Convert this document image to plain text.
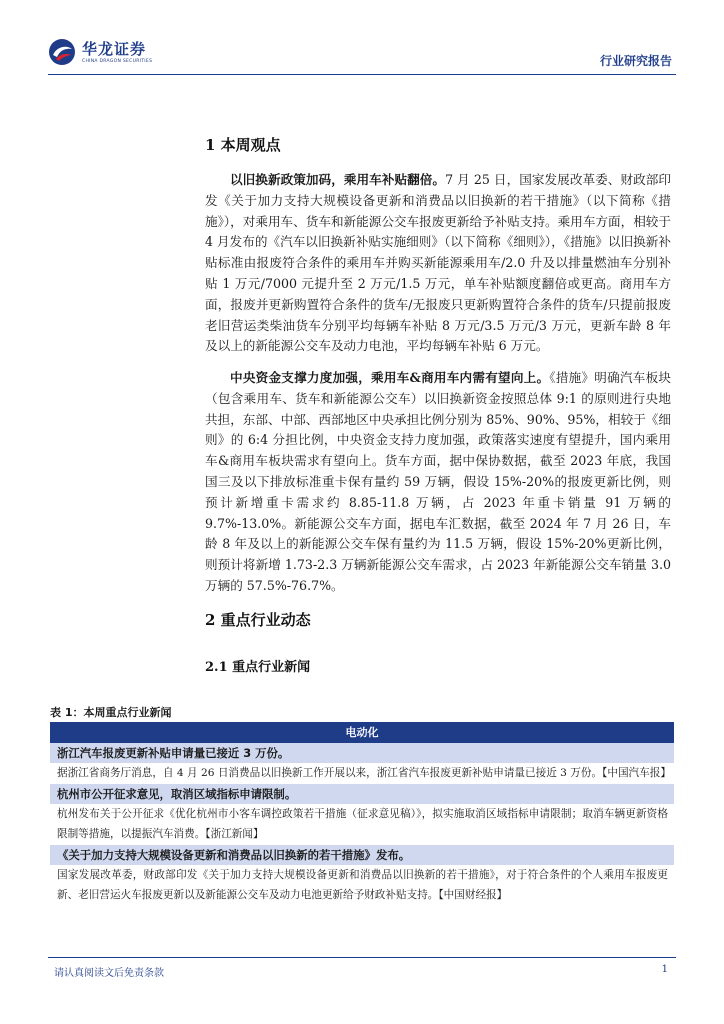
华龙证券
CHINA DRAGON SECURITIES	行业研究报告
1 本周观点

以旧换新政策加码，乘用车补贴翻倍。7 月 25 日，国家发展改革委、财政部印发《关于加力支持大规模设备更新和消费品以旧换新的若干措施》（以下简称《措施》），对乘用车、货车和新能源公交车报废更新给予补贴支持。乘用车方面，相较于 4 月发布的《汽车以旧换新补贴实施细则》（以下简称《细则》），《措施》以旧换新补贴标准由报废符合条件的乘用车并购买新能源乘用车/2.0 升及以排量燃油车分别补贴 1 万元/7000 元提升至 2 万元/1.5 万元，单车补贴额度翻倍或更高。商用车方面，报废并更新购置符合条件的货车/无报废只更新购置符合条件的货车/只提前报废老旧营运类柴油货车分别平均每辆车补贴 8 万元/3.5 万元/3 万元，更新车龄 8 年及以上的新能源公交车及动力电池，平均每辆车补贴 6 万元。

中央资金支撑力度加强，乘用车&商用车内需有望向上。《措施》明确汽车板块（包含乘用车、货车和新能源公交车）以旧换新资金按照总体 9:1 的原则进行央地共担，东部、中部、西部地区中央承担比例分别为 85%、90%、95%，相较于《细则》的 6:4 分担比例，中央资金支持力度加强，政策落实速度有望提升，国内乘用车&商用车板块需求有望向上。货车方面，据中保协数据，截至 2023 年底，我国国三及以下排放标准重卡保有量约 59 万辆，假设 15%-20%的报废更新比例，则预计新增重卡需求约 8.85-11.8 万辆，占 2023 年重卡销量 91 万辆的 9.7%-13.0%。新能源公交车方面，据电车汇数据，截至 2024 年 7 月 26 日，车龄 8 年及以上的新能源公交车保有量约为 11.5 万辆，假设 15%-20%更新比例，则预计将新增 1.73-2.3 万辆新能源公交车需求，占 2023 年新能源公交车销量 3.0 万辆的 57.5%-76.7%。

2 重点行业动态
2.1 重点行业新闻
表 1：本周重点行业新闻
电动化
浙江汽车报废更新补贴申请量已接近 3 万份。
据浙江省商务厅消息，自 4 月 26 日消费品以旧换新工作开展以来，浙江省汽车报废更新补贴申请量已接近 3 万份。【中国汽车报】
杭州市公开征求意见，取消区域指标申请限制。
杭州发布关于公开征求《优化杭州市小客车调控政策若干措施（征求意见稿）》，拟实施取消区域指标申请限制；取消车辆更新资格限制等措施，以提振汽车消费。【浙江新闻】
《关于加力支持大规模设备更新和消费品以旧换新的若干措施》发布。
国家发展改革委，财政部印发《关于加力支持大规模设备更新和消费品以旧换新的若干措施》，对于符合条件的个人乘用车报废更新、老旧营运火车报废更新以及新能源公交车及动力电池更新给予财政补贴支持。【中国财经报】
请认真阅读文后免责条款	1
